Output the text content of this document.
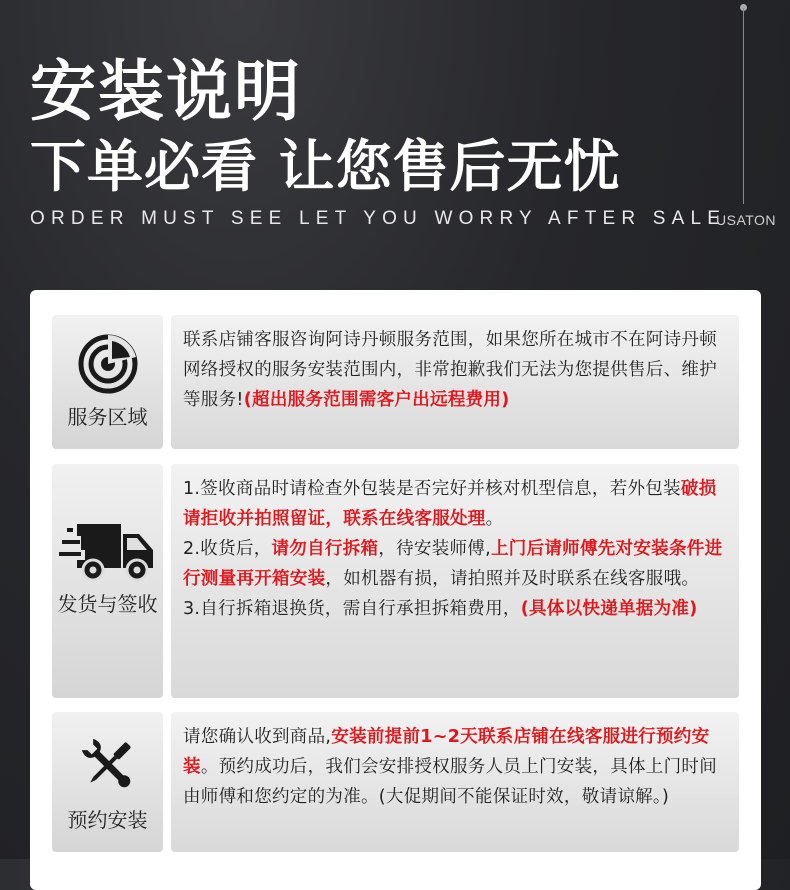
安装说明
下单必看 让您售后无忧
ORDER MUST SEE LET YOU WORRY AFTER SALE
USATON
服务区域

联系店铺客服咨询阿诗丹顿服务范围，如果您所在城市不在阿诗丹顿网络授权的服务安装范围内，非常抱歉我们无法为您提供售后、维护等服务!(超出服务范围需客户出远程费用)

发货与签收

1.签收商品时请检查外包装是否完好并核对机型信息，若外包装破损请拒收并拍照留证，联系在线客服处理。

2.收货后，请勿自行拆箱，待安装师傅,上门后请师傅先对安装条件进行测量再开箱安装，如机器有损，请拍照并及时联系在线客服哦。

3.自行拆箱退换货，需自行承担拆箱费用，(具体以快递单据为准)

预约安装

请您确认收到商品,安装前提前1~2天联系店铺在线客服进行预约安装。预约成功后，我们会安排授权服务人员上门安装，具体上门时间由师傅和您约定的为准。(大促期间不能保证时效，敬请谅解。)
